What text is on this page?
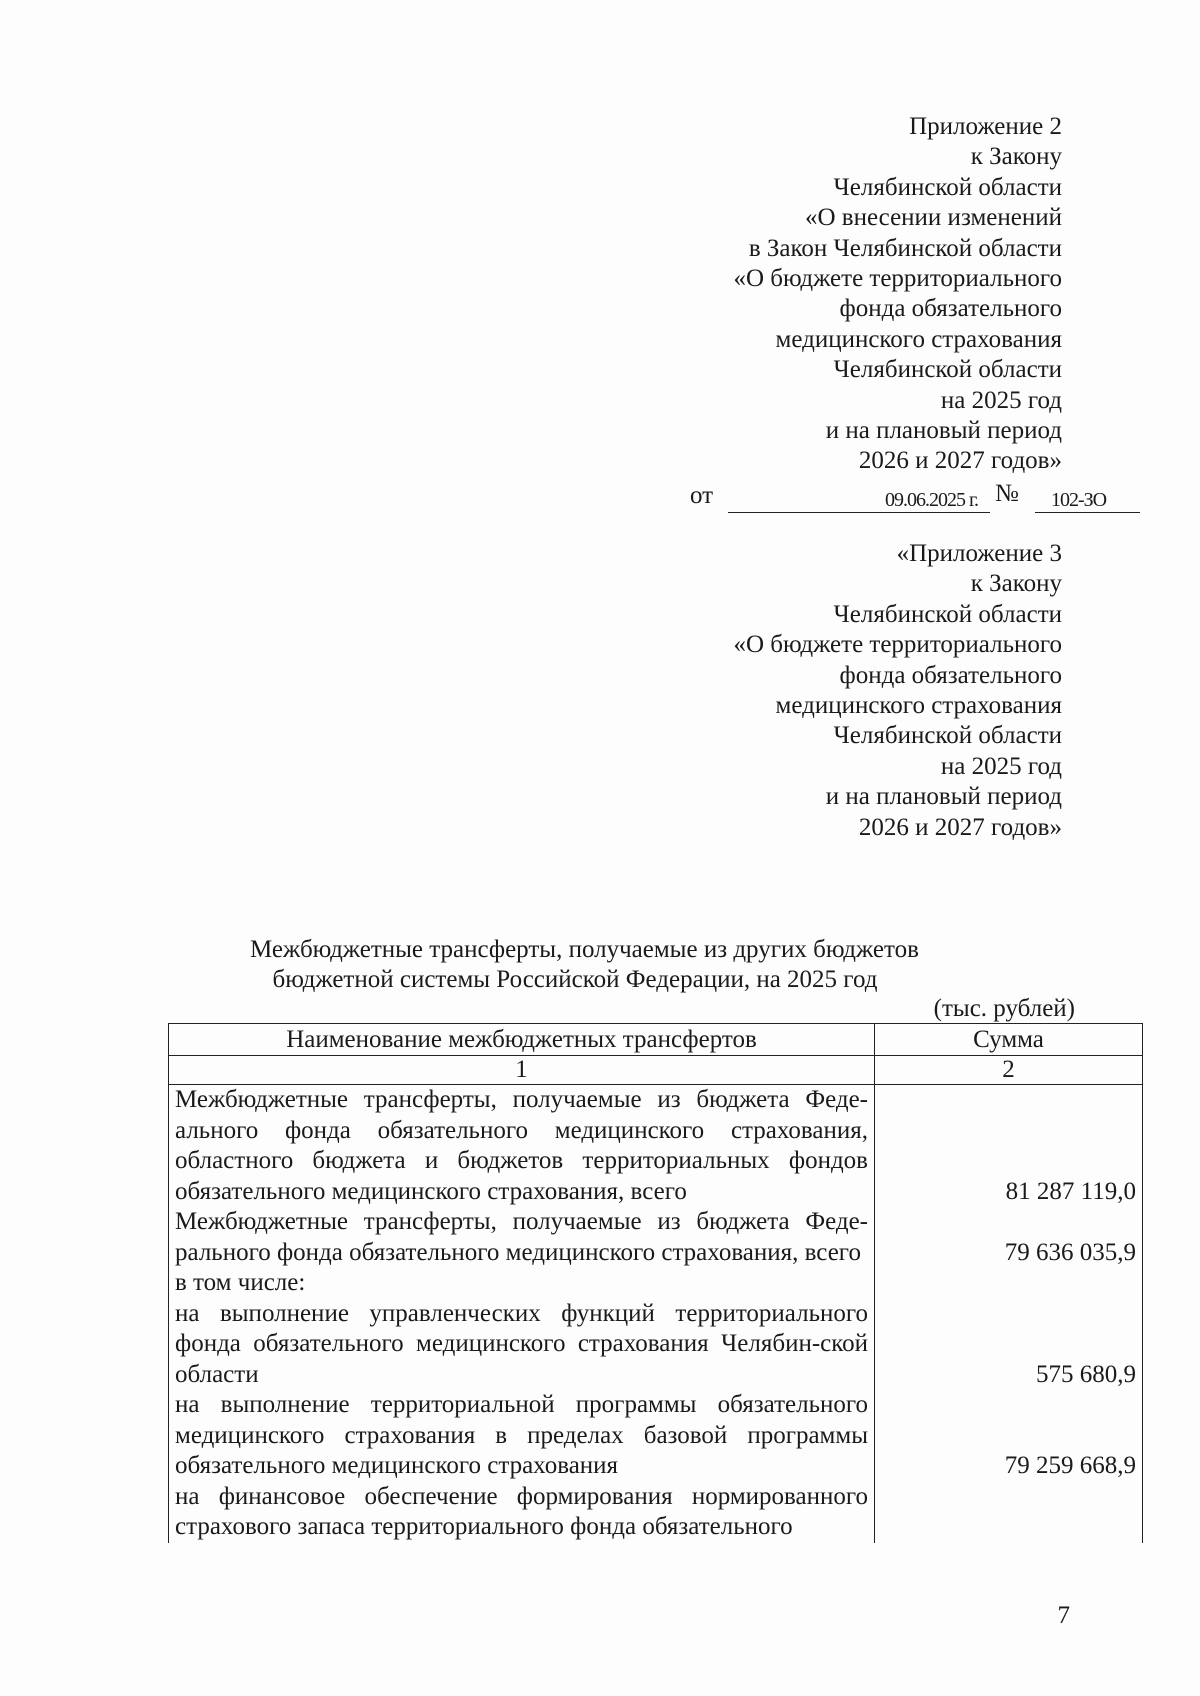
Приложение 2
к Закону
Челябинской области
«О внесении изменений
в Закон Челябинской области
«О бюджете территориального
фонда обязательного
медицинского страхования
Челябинской области
на 2025 год
и на плановый период
2026 и 2027 годов»
от	09.06.2025 г. № 102-ЗО
«Приложение 3
к Закону
Челябинской области
«О бюджете территориального
фонда обязательного
медицинского страхования
Челябинской области
на 2025 год
и на плановый период
2026 и 2027 годов»
Межбюджетные трансферты, получаемые из других бюджетов
бюджетной системы Российской Федерации, на 2025 год
(тыс. рублей)
Наименование межбюджетных трансфертов	Сумма
1	2
Межбюджетные трансферты, получаемые из бюджета Феде-ального фонда обязательного медицинского страхования, областного бюджета и бюджетов территориальных фондов обязательного медицинского страхования, всего	81 287 119,0
Межбюджетные трансферты, получаемые из бюджета Феде-рального фонда обязательного медицинского страхования, всего	79 636 035,9
в том числе:	
на выполнение управленческих функций территориального фонда обязательного медицинского страхования Челябин-ской области	575 680,9
на выполнение территориальной программы обязательного медицинского страхования в пределах базовой программы обязательного медицинского страхования	79 259 668,9
на финансовое обеспечение формирования нормированного страхового запаса территориального фонда обязательного	
7
